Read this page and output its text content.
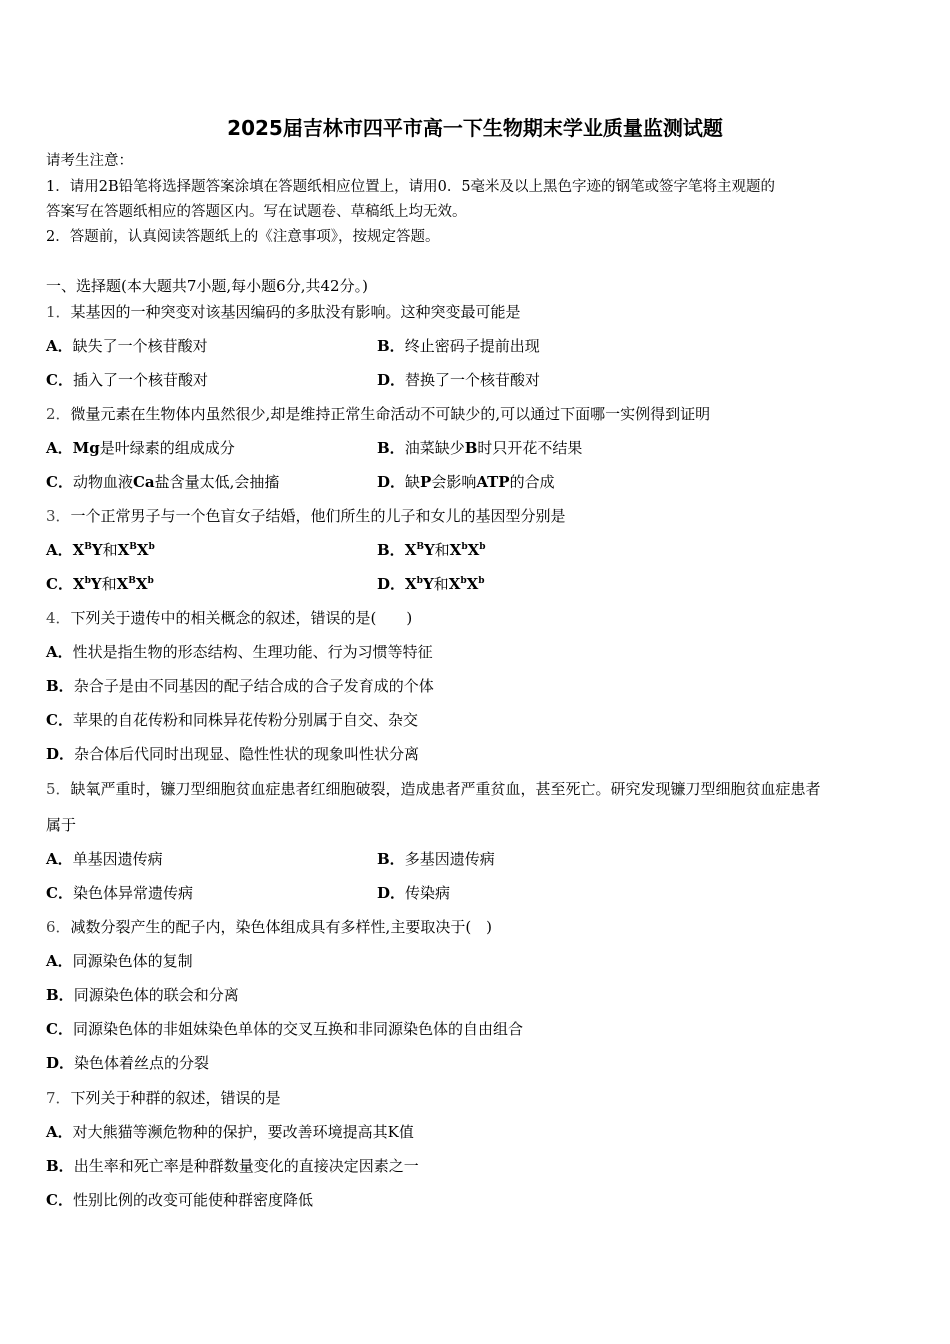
2025届吉林市四平市高一下生物期末学业质量监测试题
请考生注意：
1．请用2B铅笔将选择题答案涂填在答题纸相应位置上，请用0．5毫米及以上黑色字迹的钢笔或签字笔将主观题的
答案写在答题纸相应的答题区内。写在试题卷、草稿纸上均无效。
2．答题前，认真阅读答题纸上的《注意事项》，按规定答题。
一、选择题(本大题共7小题,每小题6分,共42分。)
1．某基因的一种突变对该基因编码的多肽没有影响。这种突变最可能是
A．缺失了一个核苷酸对	B．终止密码子提前出现
C．插入了一个核苷酸对	D．替换了一个核苷酸对
2．微量元素在生物体内虽然很少,却是维持正常生命活动不可缺少的,可以通过下面哪一实例得到证明
A．Mg是叶绿素的组成成分	B．油菜缺少B时只开花不结果
C．动物血液Ca盐含量太低,会抽搐	D．缺P会影响ATP的合成
3．一个正常男子与一个色盲女子结婚，他们所生的儿子和女儿的基因型分别是
A．$X^BY$和$X^BX^b$	B．$X^BY$和$X^bX^b$
C．$X^bY$和$X^BX^b$	D．$X^bY$和$X^bX^b$
4．下列关于遗传中的相关概念的叙述，错误的是(　　)
A．性状是指生物的形态结构、生理功能、行为习惯等特征
B．杂合子是由不同基因的配子结合成的合子发育成的个体
C．苹果的自花传粉和同株异花传粉分别属于自交、杂交
D．杂合体后代同时出现显、隐性性状的现象叫性状分离
5．缺氧严重时，镰刀型细胞贫血症患者红细胞破裂，造成患者严重贫血，甚至死亡。研究发现镰刀型细胞贫血症患者
属于
A．单基因遗传病	B．多基因遗传病
C．染色体异常遗传病	D．传染病
6．减数分裂产生的配子内，染色体组成具有多样性,主要取决于(　)
A．同源染色体的复制
B．同源染色体的联会和分离
C．同源染色体的非姐妹染色单体的交叉互换和非同源染色体的自由组合
D．染色体着丝点的分裂
7．下列关于种群的叙述，错误的是
A．对大熊猫等濒危物种的保护，要改善环境提高其K值
B．出生率和死亡率是种群数量变化的直接决定因素之一
C．性别比例的改变可能使种群密度降低
